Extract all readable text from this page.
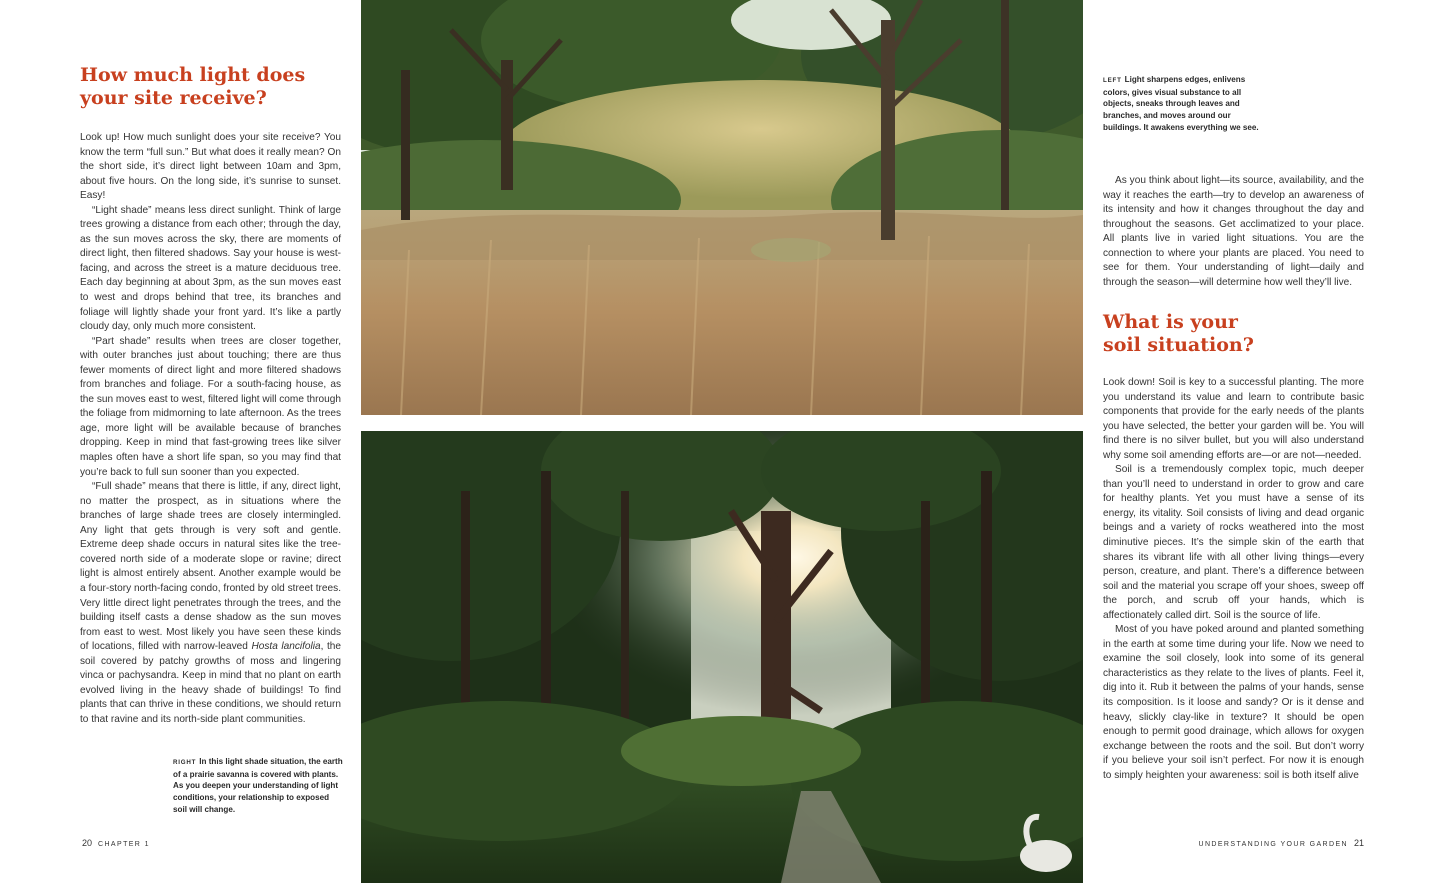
How much light does
your site receive?

Look up! How much sunlight does your site receive? You know the term “full sun.” But what does it really mean? On the short side, it’s direct light between 10am and 3pm, about five hours. On the long side, it’s sunrise to sunset. Easy!

“Light shade” means less direct sunlight. Think of large trees growing a distance from each other; through the day, as the sun moves across the sky, there are moments of direct light, then filtered shadows. Say your house is west-facing, and across the street is a mature deciduous tree. Each day beginning at about 3pm, as the sun moves east to west and drops behind that tree, its branches and foliage will lightly shade your front yard. It’s like a partly cloudy day, only much more consistent.

“Part shade” results when trees are closer together, with outer branches just about touching; there are thus fewer moments of direct light and more filtered shadows from branches and foliage. For a south-facing house, as the sun moves east to west, filtered light will come through the foliage from midmorning to late afternoon. As the trees age, more light will be available because of branches dropping. Keep in mind that fast-growing trees like silver maples often have a short life span, so you may find that you’re back to full sun sooner than you expected.

“Full shade” means that there is little, if any, direct light, no matter the prospect, as in situations where the branches of large shade trees are closely intermingled. Any light that gets through is very soft and gentle. Extreme deep shade occurs in natural sites like the tree-covered north side of a moderate slope or ravine; direct light is almost entirely absent. Another example would be a four-story north-facing condo, fronted by old street trees. Very little direct light penetrates through the trees, and the building itself casts a dense shadow as the sun moves from east to west. Most likely you have seen these kinds of locations, filled with narrow-leaved Hosta lancifolia, the soil covered by patchy growths of moss and lingering vinca or pachysandra. Keep in mind that no plant on earth evolved living in the heavy shade of buildings! To find plants that can thrive in these conditions, we should return to that ravine and its north-side plant communities.

RIGHT In this light shade situation, the earth of a prairie savanna is covered with plants. As you deepen your understanding of light conditions, your relationship to exposed soil will change.
20 CHAPTER 1
LEFT Light sharpens edges, enlivens colors, gives visual substance to all objects, sneaks through leaves and branches, and moves around our buildings. It awakens everything we see.

As you think about light—its source, availability, and the way it reaches the earth—try to develop an awareness of its intensity and how it changes throughout the day and throughout the seasons. Get acclimatized to your place. All plants live in varied light situations. You are the connection to where your plants are placed. You need to see for them. Your understanding of light—daily and through the season—will determine how well they’ll live.

What is your
soil situation?

Look down! Soil is key to a successful planting. The more you understand its value and learn to contribute basic components that provide for the early needs of the plants you have selected, the better your garden will be. You will find there is no silver bullet, but you will also understand why some soil amending efforts are—or are not—needed.

Soil is a tremendously complex topic, much deeper than you’ll need to understand in order to grow and care for healthy plants. Yet you must have a sense of its energy, its vitality. Soil consists of living and dead organic beings and a variety of rocks weathered into the most diminutive pieces. It’s the simple skin of the earth that shares its vibrant life with all other living things—every person, creature, and plant. There’s a difference between soil and the material you scrape off your shoes, sweep off the porch, and scrub off your hands, which is affectionately called dirt. Soil is the source of life.

Most of you have poked around and planted something in the earth at some time during your life. Now we need to examine the soil closely, look into some of its general characteristics as they relate to the lives of plants. Feel it, dig into it. Rub it between the palms of your hands, sense its composition. Is it loose and sandy? Or is it dense and heavy, slickly clay-like in texture? It should be open enough to permit good drainage, which allows for oxygen exchange between the roots and the soil. But don’t worry if you believe your soil isn’t perfect. For now it is enough to simply heighten your awareness: soil is both itself alive

UNDERSTANDING YOUR GARDEN 21
